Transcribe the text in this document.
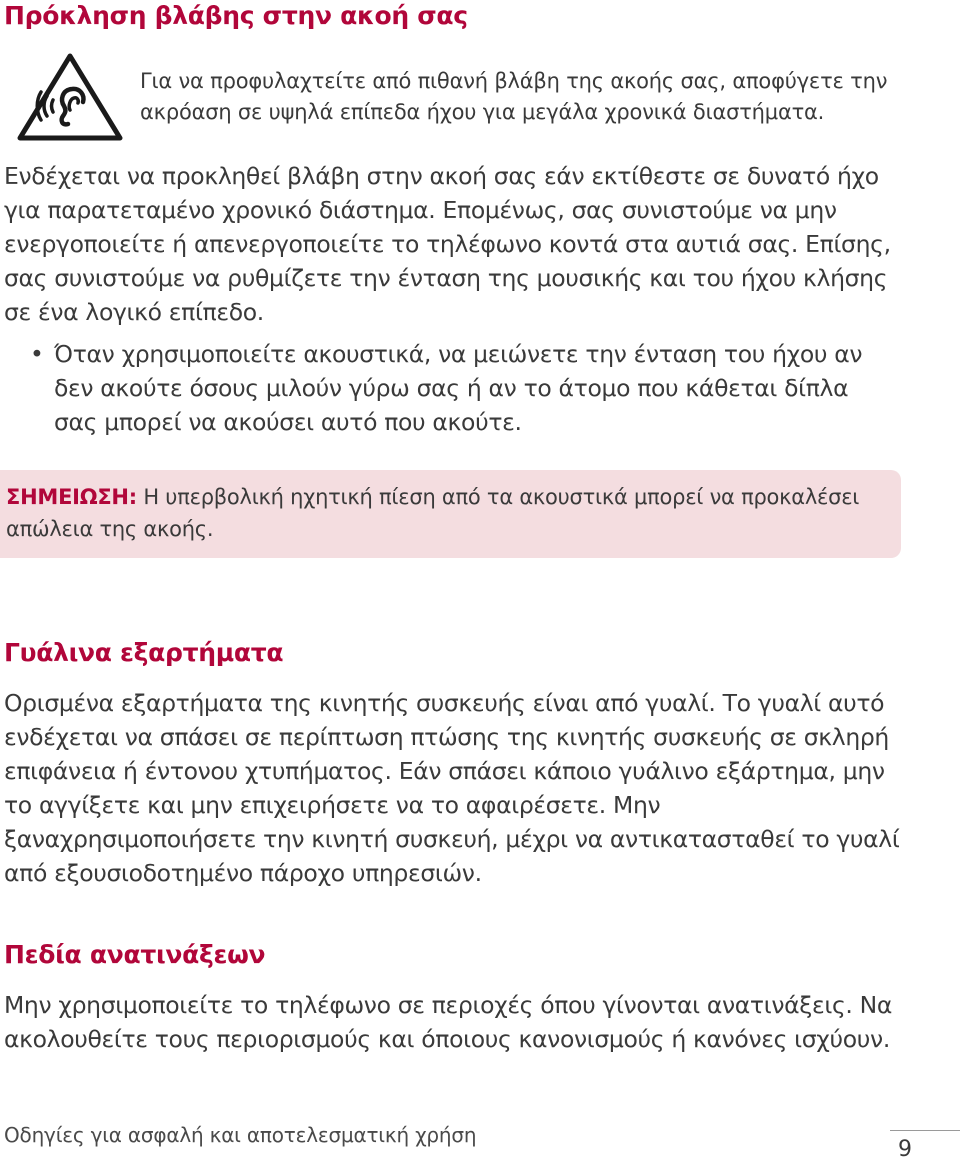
Πρόκληση βλάβης στην ακοή σας

Για να προφυλαχτείτε από πιθανή βλάβη της ακοής σας, αποφύγετε την ακρόαση σε υψηλά επίπεδα ήχου για μεγάλα χρονικά διαστήματα.

Ενδέχεται να προκληθεί βλάβη στην ακοή σας εάν εκτίθεστε σε δυνατό ήχο για παρατεταμένο χρονικό διάστημα. Επομένως, σας συνιστούμε να μην ενεργοποιείτε ή απενεργοποιείτε το τηλέφωνο κοντά στα αυτιά σας. Επίσης, σας συνιστούμε να ρυθμίζετε την ένταση της μουσικής και του ήχου κλήσης σε ένα λογικό επίπεδο.

• Όταν χρησιμοποιείτε ακουστικά, να μειώνετε την ένταση του ήχου αν δεν ακούτε όσους μιλούν γύρω σας ή αν το άτομο που κάθεται δίπλα σας μπορεί να ακούσει αυτό που ακούτε.

ΣΗΜΕΙΩΣΗ: Η υπερβολική ηχητική πίεση από τα ακουστικά μπορεί να προκαλέσει απώλεια της ακοής.

Γυάλινα εξαρτήματα

Ορισμένα εξαρτήματα της κινητής συσκευής είναι από γυαλί. Το γυαλί αυτό ενδέχεται να σπάσει σε περίπτωση πτώσης της κινητής συσκευής σε σκληρή επιφάνεια ή έντονου χτυπήματος. Εάν σπάσει κάποιο γυάλινο εξάρτημα, μην το αγγίξετε και μην επιχειρήσετε να το αφαιρέσετε. Μην ξαναχρησιμοποιήσετε την κινητή συσκευή, μέχρι να αντικατασταθεί το γυαλί από εξουσιοδοτημένο πάροχο υπηρεσιών.

Πεδία ανατινάξεων

Μην χρησιμοποιείτε το τηλέφωνο σε περιοχές όπου γίνονται ανατινάξεις. Να ακολουθείτε τους περιορισμούς και όποιους κανονισμούς ή κανόνες ισχύουν.

Οδηγίες για ασφαλή και αποτελεσματική χρήση
9
